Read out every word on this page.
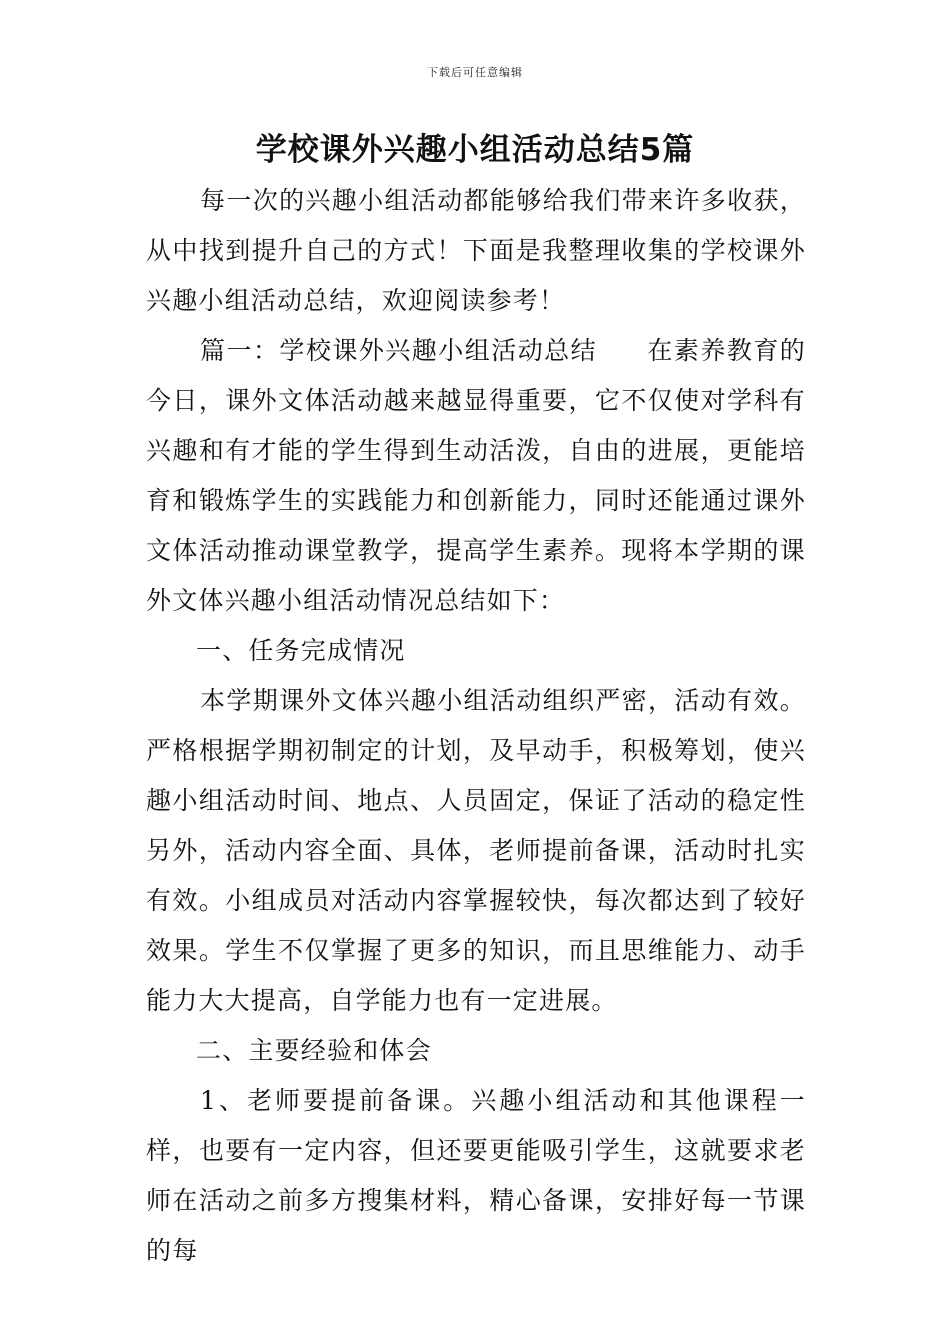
下载后可任意编辑
学校课外兴趣小组活动总结5篇

每一次的兴趣小组活动都能够给我们带来许多收获，从中找到提升自己的方式！下面是我整理收集的学校课外兴趣小组活动总结，欢迎阅读参考！

篇一：学校课外兴趣小组活动总结 在素养教育的今日，课外文体活动越来越显得重要，它不仅使对学科有兴趣和有才能的学生得到生动活泼，自由的进展，更能培育和锻炼学生的实践能力和创新能力，同时还能通过课外文体活动推动课堂教学，提高学生素养。现将本学期的课外文体兴趣小组活动情况总结如下：

一、任务完成情况

本学期课外文体兴趣小组活动组织严密，活动有效。严格根据学期初制定的计划，及早动手，积极筹划，使兴趣小组活动时间、地点、人员固定，保证了活动的稳定性另外，活动内容全面、具体，老师提前备课，活动时扎实有效。小组成员对活动内容掌握较快，每次都达到了较好效果。学生不仅掌握了更多的知识，而且思维能力、动手能力大大提高，自学能力也有一定进展。

二、主要经验和体会

1、老师要提前备课。兴趣小组活动和其他课程一样，也要有一定内容，但还要更能吸引学生，这就要求老师在活动之前多方搜集材料，精心备课，安排好每一节课的每
